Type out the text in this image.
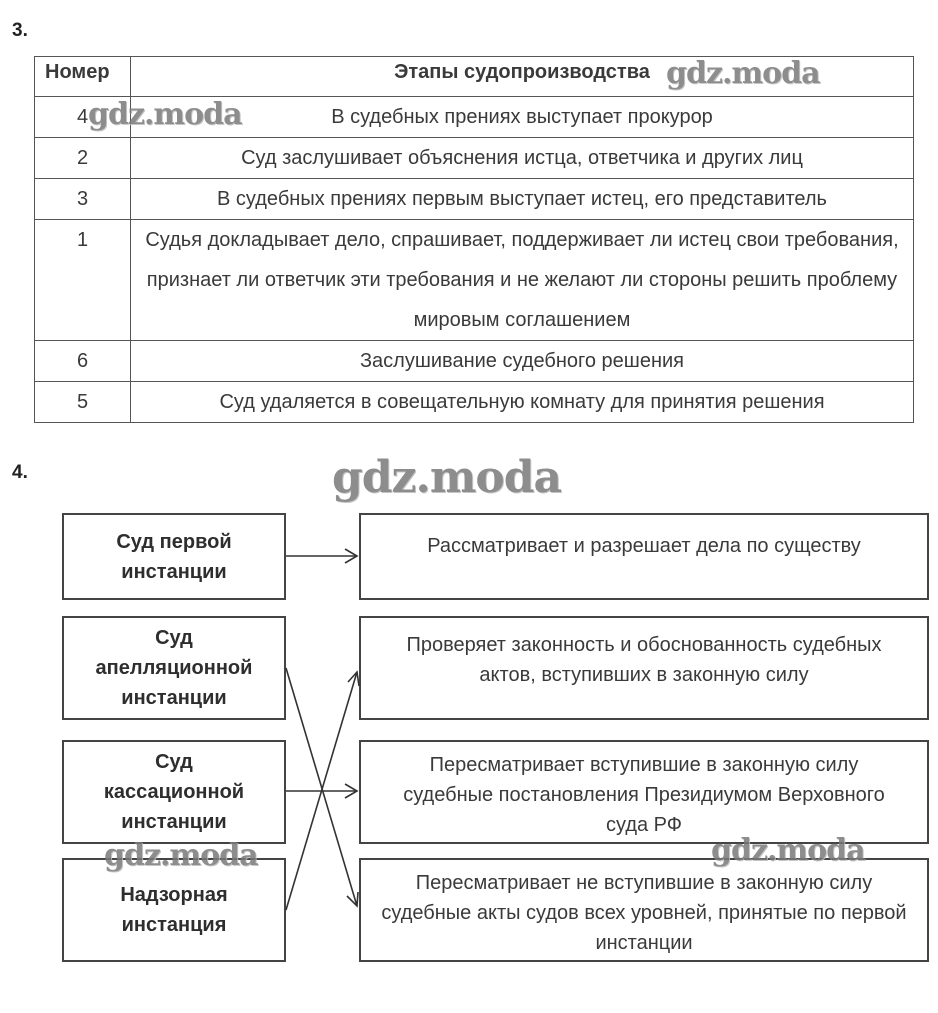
3.
Номер	Этапы судопроизводства
4	В судебных прениях выступает прокурор
2	Суд заслушивает объяснения истца, ответчика и других лиц
3	В судебных прениях первым выступает истец, его представитель
1	Судья докладывает дело, спрашивает, поддерживает ли истец свои требования, признает ли ответчик эти требования и не желают ли стороны решить проблему мировым соглашением
6	Заслушивание судебного решения
5	Суд удаляется в совещательную комнату для принятия решения
4.
Суд первой инстанции
Суд апелляционной инстанции
Суд кассационной инстанции
Надзорная инстанция
Рассматривает и разрешает дела по существу
Проверяет законность и обоснованность судебных актов, вступивших в законную силу
Пересматривает вступившие в законную силу судебные постановления Президиумом Верховного суда РФ
Пересматривает не вступившие в законную силу судебные акты судов всех уровней, принятые по первой инстанции
gdz.moda
gdz.moda
gdz.moda
gdz.moda	gdz.moda
